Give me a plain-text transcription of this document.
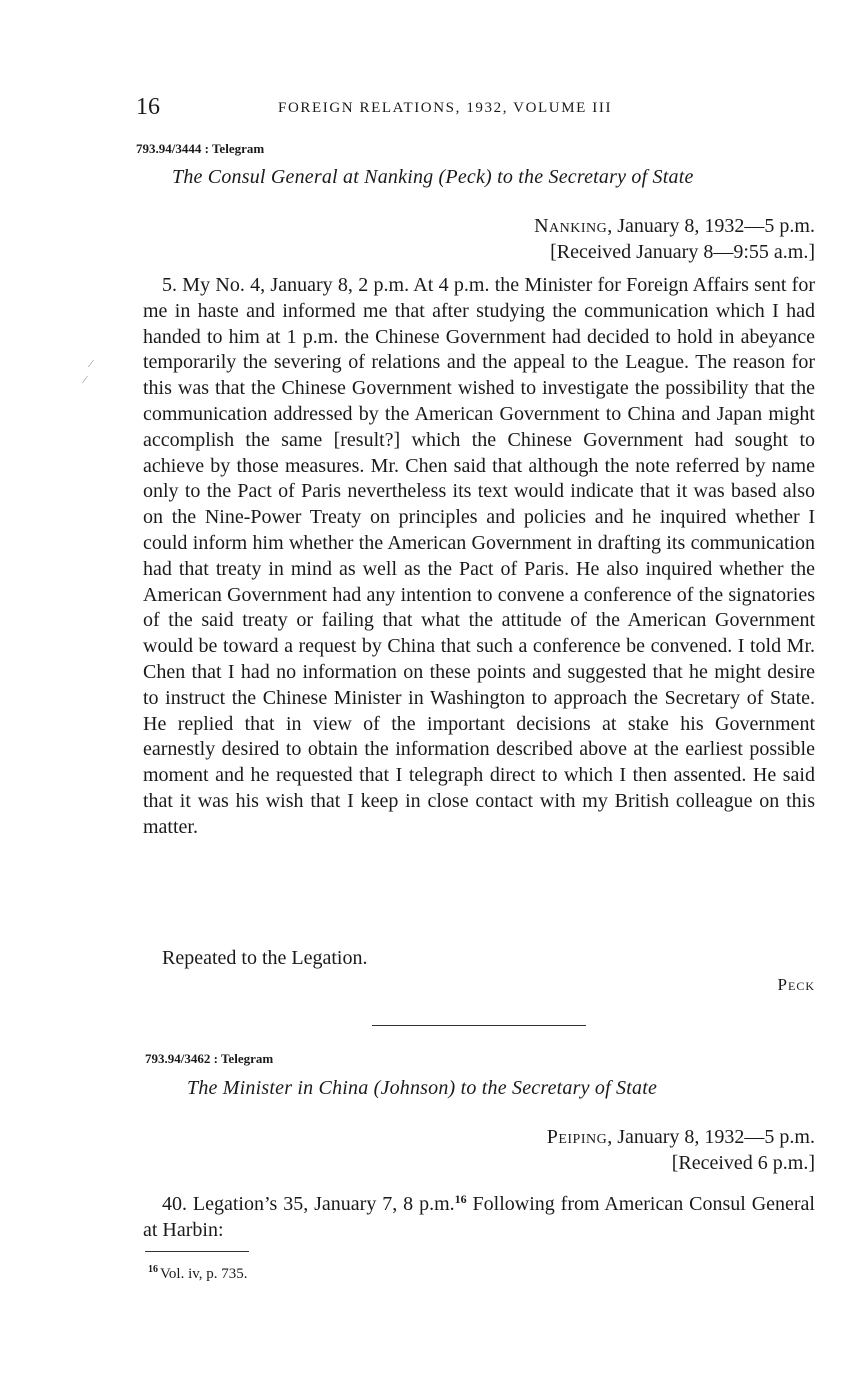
16	FOREIGN RELATIONS, 1932, VOLUME III
793.94/3444 : Telegram
The Consul General at Nanking (Peck) to the Secretary of State
Nanking, January 8, 1932—5 p.m.
[Received January 8—9:55 a.m.]
5. My No. 4, January 8, 2 p.m. At 4 p.m. the Minister for Foreign Affairs sent for me in haste and informed me that after studying the communication which I had handed to him at 1 p.m. the Chinese Government had decided to hold in abeyance temporarily the severing of relations and the appeal to the League. The reason for this was that the Chinese Government wished to investigate the possibility that the communication addressed by the American Government to China and Japan might accomplish the same [result?] which the Chinese Government had sought to achieve by those measures. Mr. Chen said that although the note referred by name only to the Pact of Paris nevertheless its text would indicate that it was based also on the Nine-Power Treaty on principles and policies and he inquired whether I could inform him whether the American Government in drafting its communication had that treaty in mind as well as the Pact of Paris. He also inquired whether the American Government had any intention to convene a conference of the signatories of the said treaty or failing that what the attitude of the American Government would be toward a request by China that such a conference be convened. I told Mr. Chen that I had no information on these points and suggested that he might desire to instruct the Chinese Minister in Washington to approach the Secretary of State. He replied that in view of the important decisions at stake his Government earnestly desired to obtain the information described above at the earliest possible moment and he requested that I telegraph direct to which I then assented. He said that it was his wish that I keep in close contact with my British colleague on this matter.
Repeated to the Legation.
Peck
793.94/3462 : Telegram
The Minister in China (Johnson) to the Secretary of State
Peiping, January 8, 1932—5 p.m.
[Received 6 p.m.]
40. Legation’s 35, January 7, 8 p.m.$^{16}$ Following from American Consul General at Harbin:
$^{16}$ Vol. iv, p. 735.
⁄
⁄
